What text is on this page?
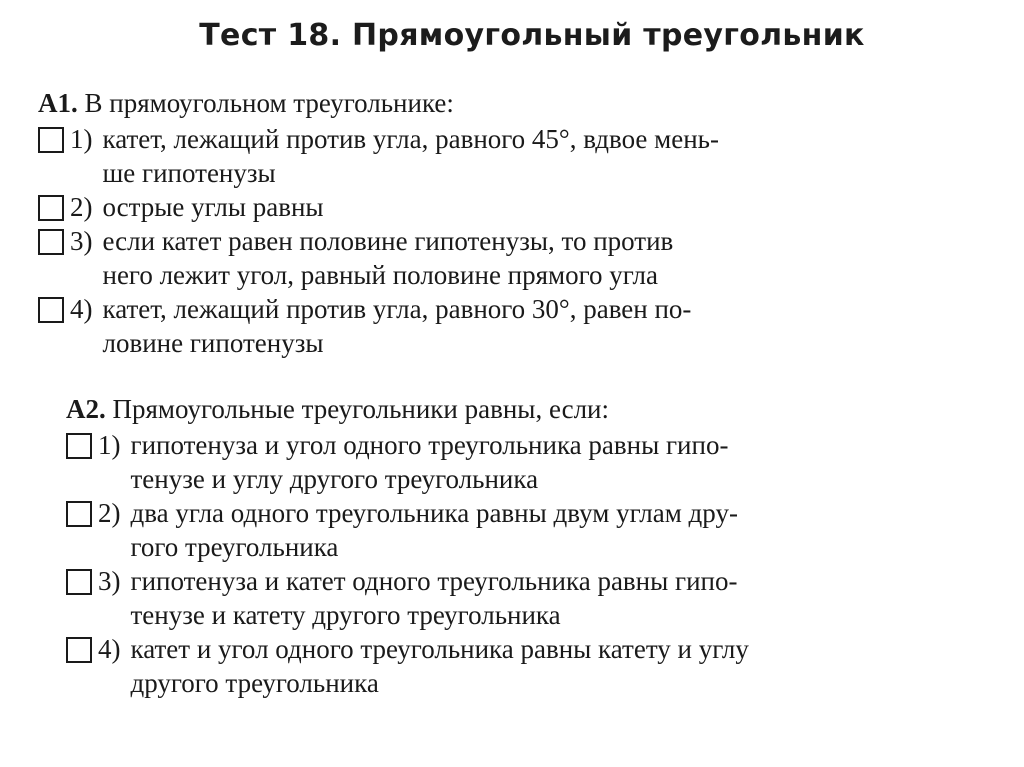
Тест 18. Прямоугольный треугольник
А1. В прямоугольном треугольнике:
1) катет, лежащий против угла, равного 45°, вдвое мень-
ше гипотенузы
2) острые углы равны
3) если катет равен половине гипотенузы, то против
него лежит угол, равный половине прямого угла
4) катет, лежащий против угла, равного 30°, равен по-
ловине гипотенузы
А2. Прямоугольные треугольники равны, если:
1) гипотенуза и угол одного треугольника равны гипо-
тенузе и углу другого треугольника
2) два угла одного треугольника равны двум углам дру-
гого треугольника
3) гипотенуза и катет одного треугольника равны гипо-
тенузе и катету другого треугольника
4) катет и угол одного треугольника равны катету и углу
другого треугольника
